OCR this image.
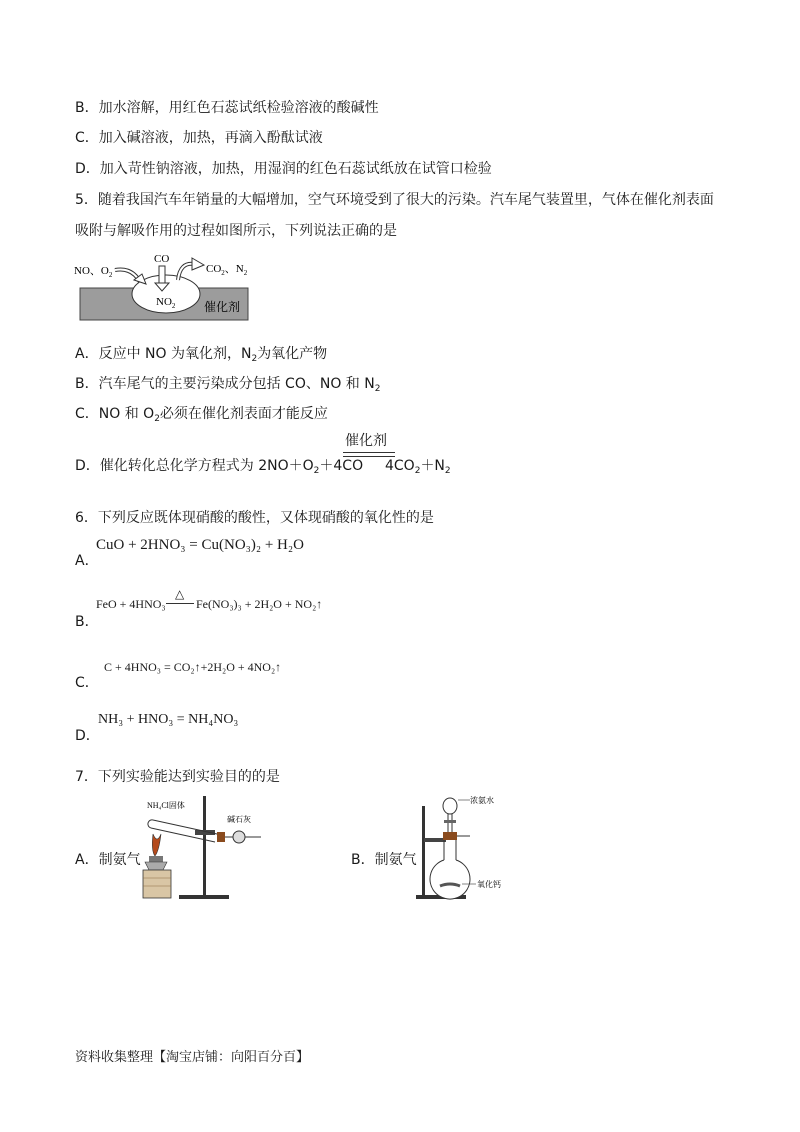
B．加水溶解，用红色石蕊试纸检验溶液的酸碱性
C．加入碱溶液，加热，再滴入酚酞试液
D．加入苛性钠溶液，加热，用湿润的红色石蕊试纸放在试管口检验
5．随着我国汽车年销量的大幅增加，空气环境受到了很大的污染。汽车尾气装置里，气体在催化剂表面
吸附与解吸作用的过程如图所示，下列说法正确的是
NO、$O_2$
CO
$CO_2$、$N_2$
$NO_2$ 催化剂
A．反应中 NO 为氧化剂，$N_2$为氧化产物
B．汽车尾气的主要污染成分包括 CO、NO 和 $N_2$
C．NO 和 $O_2$必须在催化剂表面才能反应
D．催化转化总化学方程式为 $2NO+O_2+4CO$
催化剂
$4CO_2+N_2$
6．下列反应既体现硝酸的酸性，又体现硝酸的氧化性的是
A．
CuO + 2HNO₃ = Cu(NO₃)₂ + H₂O
B．
FeO + 4HNO₃
△
Fe(NO₃)₃ + 2H₂O + NO₂↑
C．
C + 4HNO₃ = CO₂↑+2H₂O + 4NO₂↑
D．
NH₃ + HNO₃ = NH₄NO₃
7．下列实验能达到实验目的的是
A．制氨气
NH₄Cl固体
碱石灰
B．制氨气
浓氨水
氧化钙
资料收集整理【淘宝店铺：向阳百分百】
